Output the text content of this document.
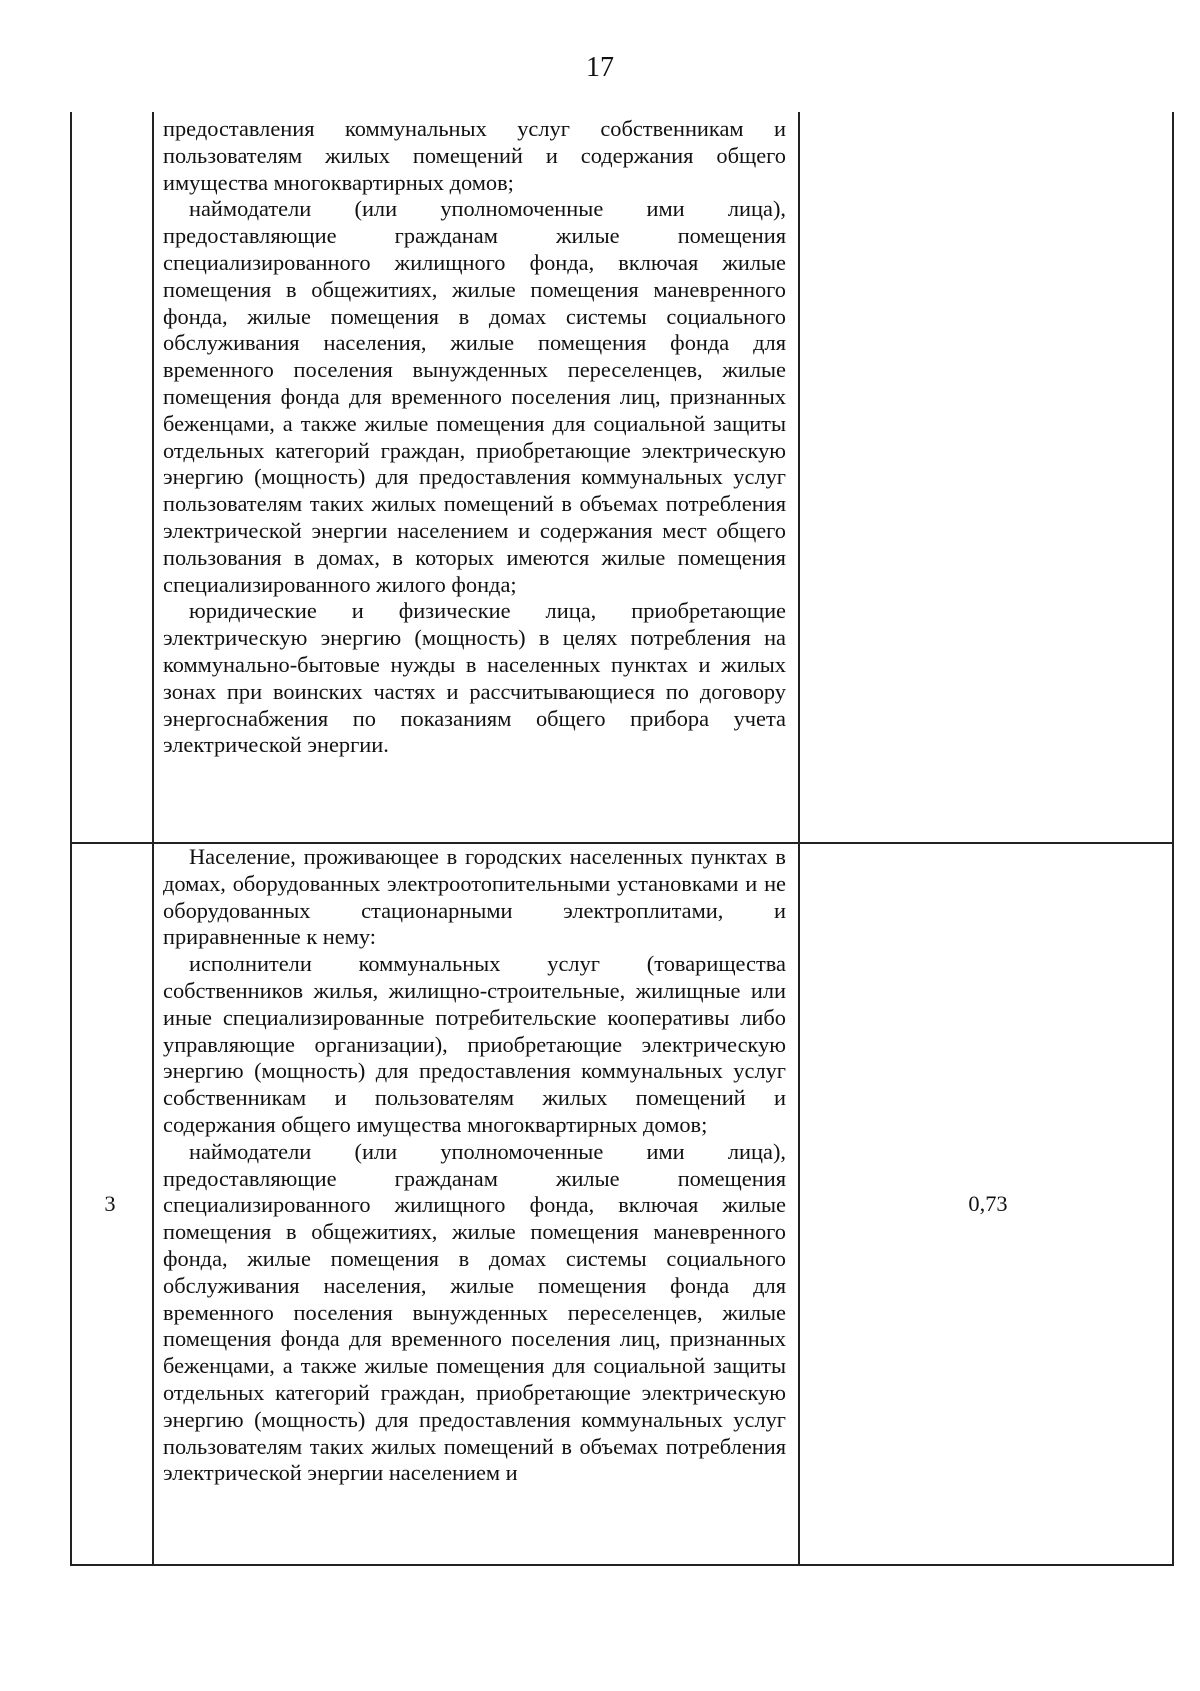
17

предоставления коммунальных услуг собственникам и пользователям жилых помещений и содержания общего имущества многоквартирных домов;

наймодатели (или уполномоченные ими лица), предоставляющие гражданам жилые помещения специализированного жилищного фонда, включая жилые помещения в общежитиях, жилые помещения маневренного фонда, жилые помещения в домах системы социального обслуживания населения, жилые помещения фонда для временного поселения вынужденных переселенцев, жилые помещения фонда для временного поселения лиц, признанных беженцами, а также жилые помещения для социальной защиты отдельных категорий граждан, приобретающие электрическую энергию (мощность) для предоставления коммунальных услуг пользователям таких жилых помещений в объемах потребления электрической энергии населением и содержания мест общего пользования в домах, в которых имеются жилые помещения специализированного жилого фонда;

юридические и физические лица, приобретающие электрическую энергию (мощность) в целях потребления на коммунально-бытовые нужды в населенных пунктах и жилых зонах при воинских частях и рассчитывающиеся по договору энергоснабжения по показаниям общего прибора учета электрической энергии.

3

Население, проживающее в городских населенных пунктах в домах, оборудованных электроотопительными установками и не оборудованных стационарными электроплитами, и приравненные к нему:

исполнители коммунальных услуг (товарищества собственников жилья, жилищно-строительные, жилищные или иные специализированные потребительские кооперативы либо управляющие организации), приобретающие электрическую энергию (мощность) для предоставления коммунальных услуг собственникам и пользователям жилых помещений и содержания общего имущества многоквартирных домов;

наймодатели (или уполномоченные ими лица), предоставляющие гражданам жилые помещения специализированного жилищного фонда, включая жилые помещения в общежитиях, жилые помещения маневренного фонда, жилые помещения в домах системы социального обслуживания населения, жилые помещения фонда для временного поселения вынужденных переселенцев, жилые помещения фонда для временного поселения лиц, признанных беженцами, а также жилые помещения для социальной защиты отдельных категорий граждан, приобретающие электрическую энергию (мощность) для предоставления коммунальных услуг пользователям таких жилых помещений в объемах потребления электрической энергии населением и

0,73
